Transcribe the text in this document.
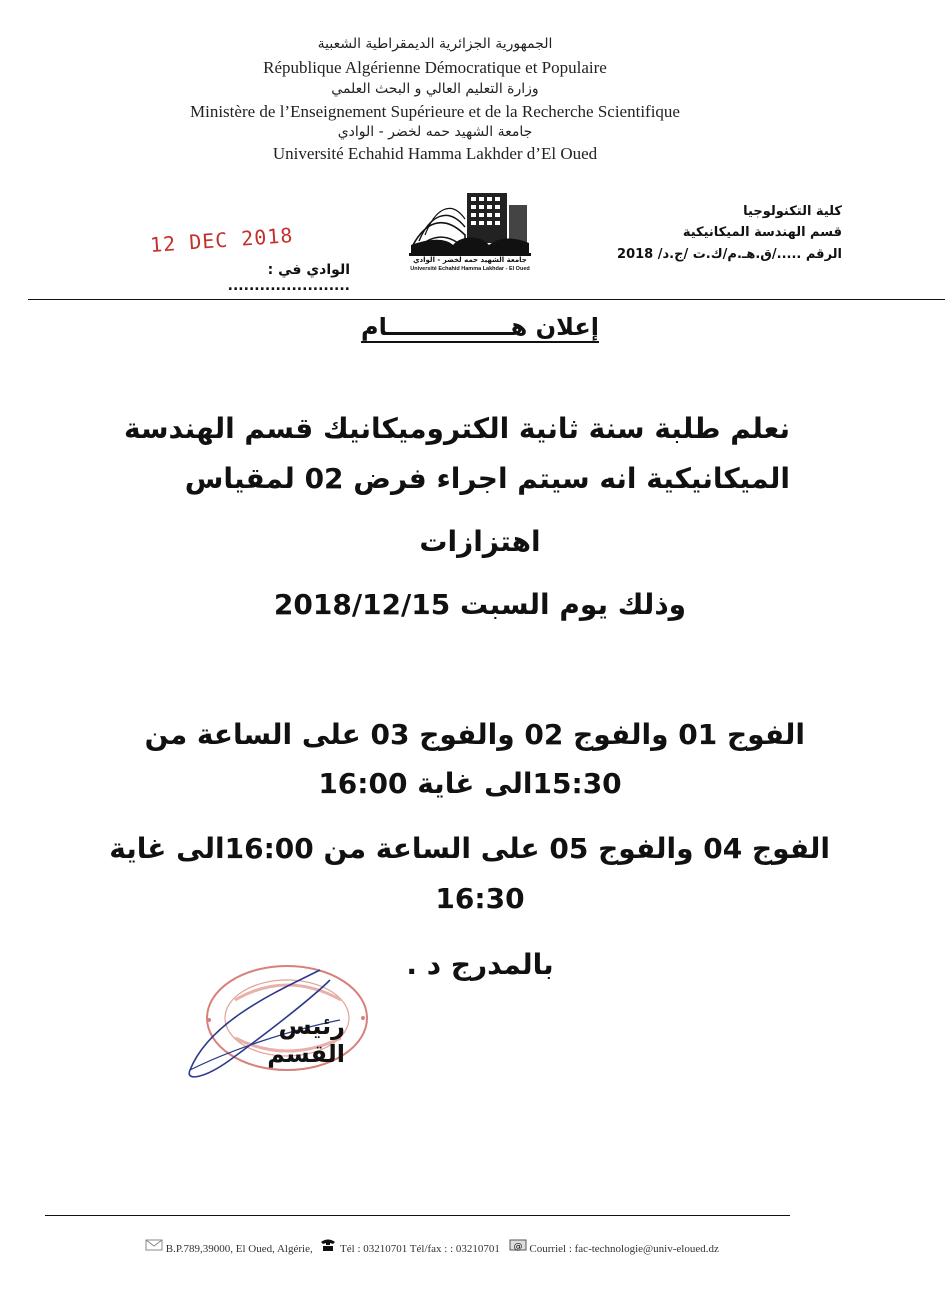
الجمهورية الجزائرية الديمقراطية الشعبية
République Algérienne Démocratique et Populaire
وزارة التعليم العالي و البحث العلمي
Ministère de l’Enseignement Supérieure et de la Recherche Scientifique
جامعة الشهيد حمه لخضر - الوادي
Université Echahid Hamma Lakhder d’El Oued
كلية التكنولوجيا
قسم الهندسة الميكانيكية
الرقم ...../ق.هـ.م/ك.ت /ج.د/ 2018
جامعة الشهيد حمه لخضر - الوادي
Université Echahid Hamma Lakhdar - El Oued
12 DEC 2018
الوادي في : .......................
إعلان هـــــــــــــــام
نعلم طلبة سنة ثانية الكتروميكانيك قسم الهندسة
الميكانيكية انه سيتم اجراء فرض 02 لمقياس
اهتزازات
وذلك يوم السبت 2018/12/15
الفوج 01 والفوج 02 والفوج 03 على الساعة من
15:30الى غاية 16:00
الفوج 04 والفوج 05 على الساعة من 16:00الى غاية
16:30
بالمدرج د .
رئيس القسم
B.P.789,39000, El Oued, Algérie, Tél : 03210701 Tél/fax : : 03210701 @ Courriel : fac-technologie@univ-eloued.dz
